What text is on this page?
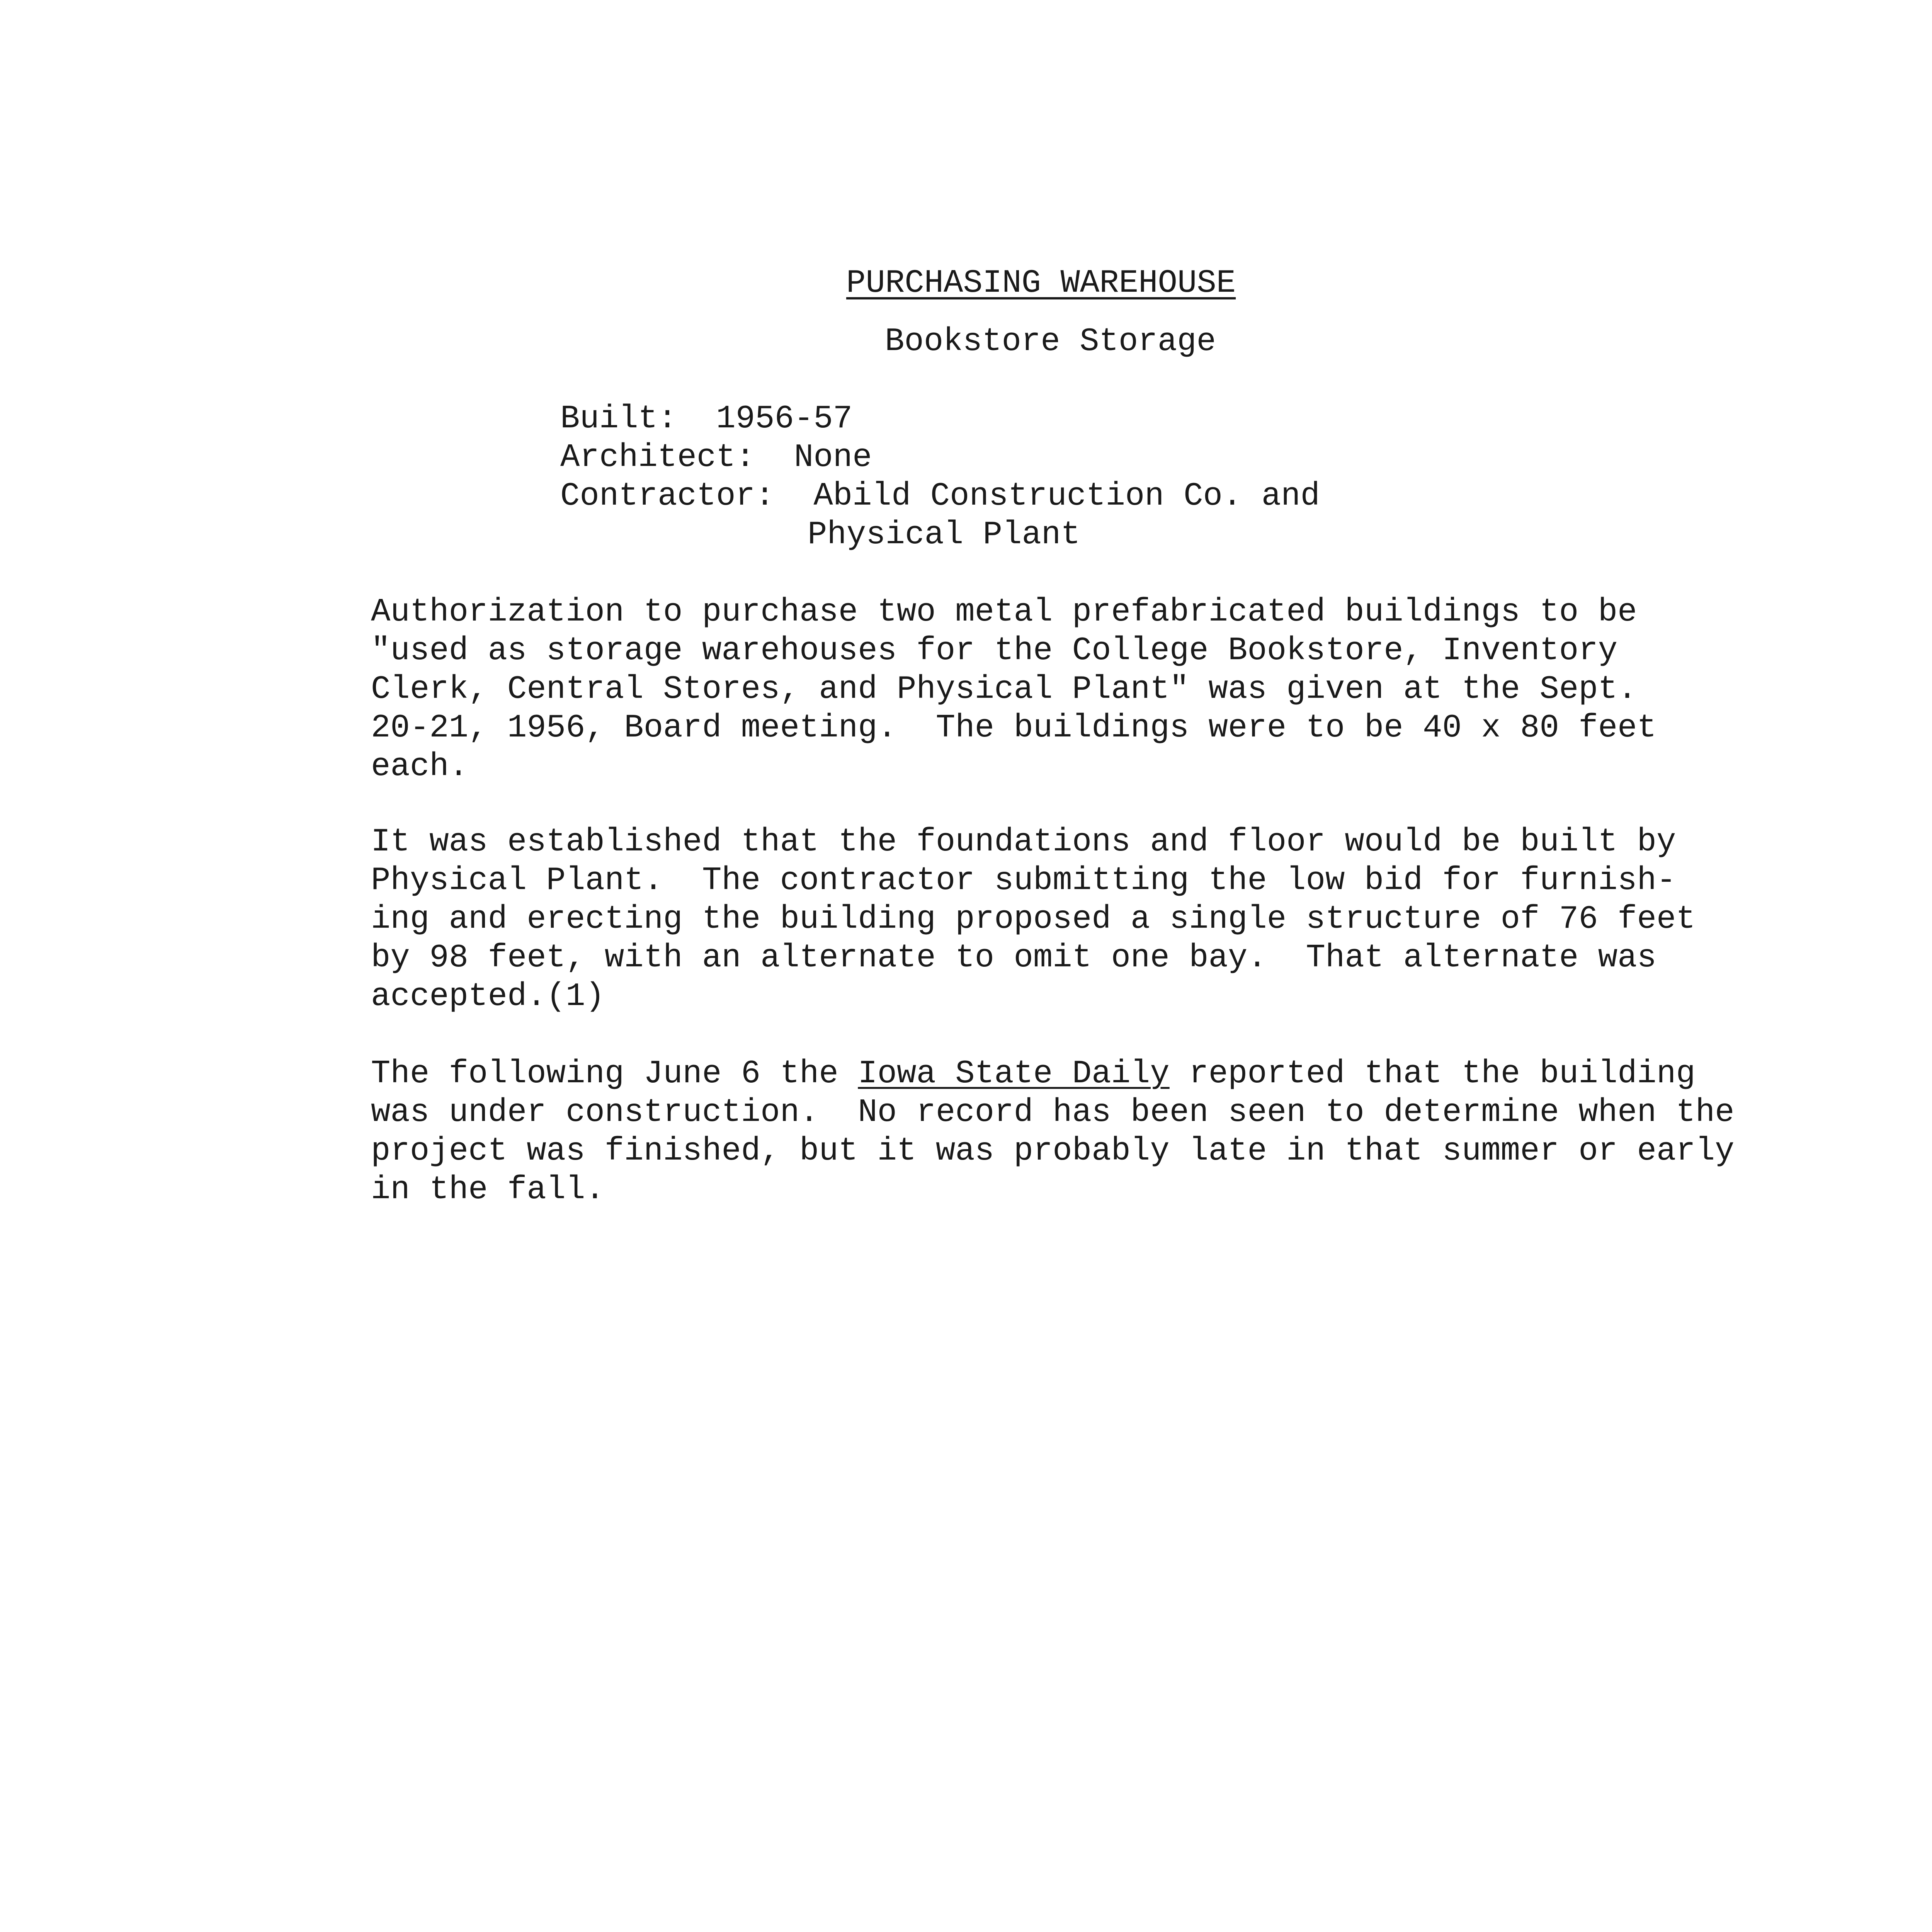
PURCHASING WAREHOUSE
Bookstore Storage
Built:
1956-57
Architect:
None
Contractor:
Abild Construction Co. and
Physical Plant
Authorization to purchase two metal prefabricated buildings to be
"used as storage warehouses for the College Bookstore, Inventory
Clerk, Central Stores, and Physical Plant" was given at the Sept.
20-21, 1956, Board meeting.  The buildings were to be 40 x 80 feet
each.
It was established that the foundations and floor would be built by
Physical Plant.  The contractor submitting the low bid for furnish-
ing and erecting the building proposed a single structure of 76 feet
by 98 feet, with an alternate to omit one bay.  That alternate was
accepted.(1)
The following June 6 the Iowa State Daily reported that the building
was under construction.  No record has been seen to determine when the
project was finished, but it was probably late in that summer or early
in the fall.
